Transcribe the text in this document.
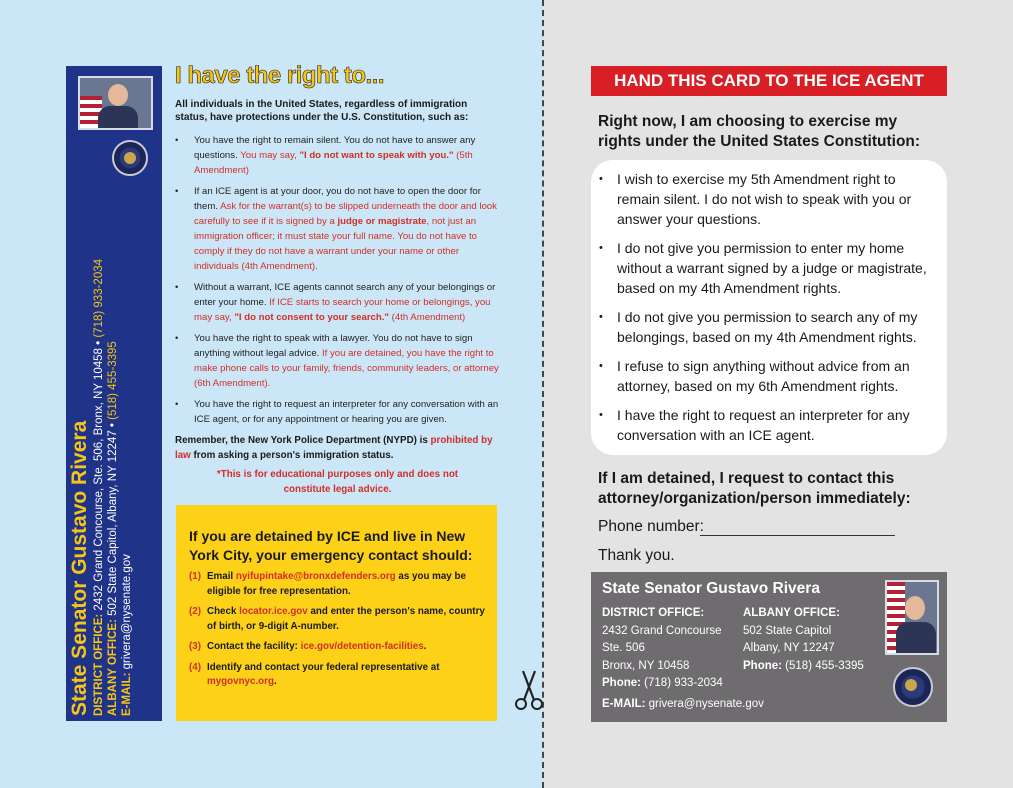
State Senator Gustavo Rivera DISTRICT OFFICE: 2432 Grand Concourse, Ste. 506, Bronx, NY 10458 • (718) 933-2034
ALBANY OFFICE: 502 State Capitol, Albany, NY 12247 • (518) 455-3395
E-MAIL: grivera@nysenate.gov
I have the right to...
All individuals in the United States, regardless of immigration status, have protections under the U.S. Constitution, such as:
• You have the right to remain silent. You do not have to answer any questions. You may say, "I do not want to speak with you." (5th Amendment)
• If an ICE agent is at your door, you do not have to open the door for them. Ask for the warrant(s) to be slipped underneath the door and look carefully to see if it is signed by a judge or magistrate, not just an immigration officer; it must state your full name. You do not have to comply if they do not have a warrant under your name or other individuals (4th Amendment).
• Without a warrant, ICE agents cannot search any of your belongings or enter your home. If ICE starts to search your home or belongings, you may say, "I do not consent to your search." (4th Amendment)
• You have the right to speak with a lawyer. You do not have to sign anything without legal advice. If you are detained, you have the right to make phone calls to your family, friends, community leaders, or attorney (6th Amendment).
• You have the right to request an interpreter for any conversation with an ICE agent, or for any appointment or hearing you are given.
Remember, the New York Police Department (NYPD) is prohibited by law from asking a person's immigration status.
*This is for educational purposes only and does not constitute legal advice.
If you are detained by ICE and live in New York City, your emergency contact should:
(1) Email nyifupintake@bronxdefenders.org as you may be eligible for free representation.
(2) Check locator.ice.gov and enter the person's name, country of birth, or 9-digit A-number.
(3) Contact the facility: ice.gov/detention-facilities.
(4) Identify and contact your federal representative at mygovnyc.org.
HAND THIS CARD TO THE ICE AGENT
Right now, I am choosing to exercise my rights under the United States Constitution:
• I wish to exercise my 5th Amendment right to remain silent. I do not wish to speak with you or answer your questions.
• I do not give you permission to enter my home without a warrant signed by a judge or magistrate, based on my 4th Amendment rights.
• I do not give you permission to search any of my belongings, based on my 4th Amendment rights.
• I refuse to sign anything without advice from an attorney, based on my 6th Amendment rights.
• I have the right to request an interpreter for any conversation with an ICE agent.
If I am detained, I request to contact this attorney/organization/person immediately:
Phone number:
Thank you.
State Senator Gustavo Rivera
DISTRICT OFFICE:
2432 Grand Concourse
Ste. 506
Bronx, NY 10458
Phone: (718) 933-2034
ALBANY OFFICE:
502 State Capitol
Albany, NY 12247
Phone: (518) 455-3395
E-MAIL: grivera@nysenate.gov
